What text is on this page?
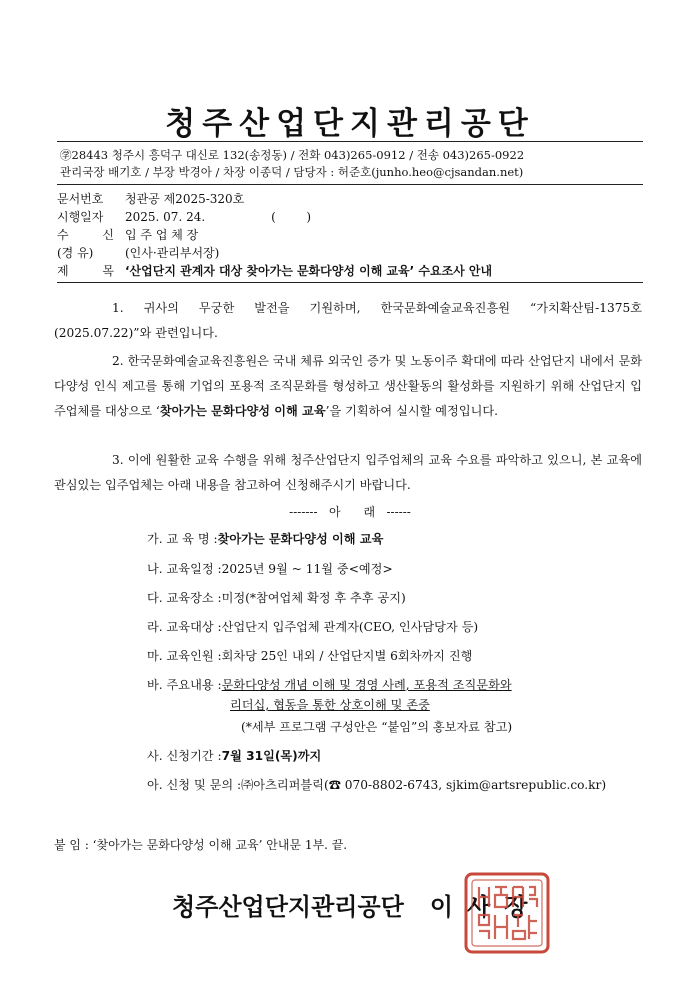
청주산업단지관리공단
㊫28443 청주시 흥덕구 대신로 132(송정동) / 전화 043)265-0912 / 전송 043)265-0922
관리국장 배기호 / 부장 박경아 / 차장 이종덕 / 담당자 : 허준호(junho.heo@cjsandan.net)
문서번호 청관공 제2025-320호
시행일자 2025. 07. 24.	(        )
수 신입 주 업 체 장
(경 유)	(인사·관리부서장)
제 목‘산업단지 관계자 대상 찾아가는 문화다양성 이해 교육’ 수요조사 안내
1. 귀사의 무궁한 발전을 기원하며, 한국문화예술교육진흥원 “가치확산팀-1375호(2025.07.22)”와 관련입니다.
2. 한국문화예술교육진흥원은 국내 체류 외국인 증가 및 노동이주 확대에 따라 산업단지 내에서 문화다양성 인식 제고를 통해 기업의 포용적 조직문화를 형성하고 생산활동의 활성화를 지원하기 위해 산업단지 입주업체를 대상으로 ‘찾아가는 문화다양성 이해 교육’을 기획하여 실시할 예정입니다.
3. 이에 원활한 교육 수행을 위해 청주산업단지 입주업체의 교육 수요를 파악하고 있으니, 본 교육에 관심있는 입주업체는 아래 내용을 참고하여 신청해주시기 바랍니다.
-------   아      래   ------
가. 교 육 명 :찾아가는 문화다양성 이해 교육
나. 교육일정 :2025년 9월 ~ 11월 중<예정>
다. 교육장소 :미정(*참여업체 확정 후 추후 공지)
라. 교육대상 :산업단지 입주업체 관계자(CEO, 인사담당자 등)
마. 교육인원 :회차당 25인 내외 / 산업단지별 6회차까지 진행
바. 주요내용 :문화다양성 개념 이해 및 경영 사례, 포용적 조직문화와
리더십, 협동을 통한 상호이해 및 존중
(*세부 프로그램 구성안은 “붙임”의 홍보자료 참고)
사. 신청기간 :7월 31일(목)까지
아. 신청 및 문의 :㈜아츠리퍼블릭(☎ 070-8802-6743, sjkim@artsrepublic.co.kr)
붙 임 : ‘찾아가는 문화다양성 이해 교육’ 안내문 1부. 끝.
청주산업단지관리공단 이사장
